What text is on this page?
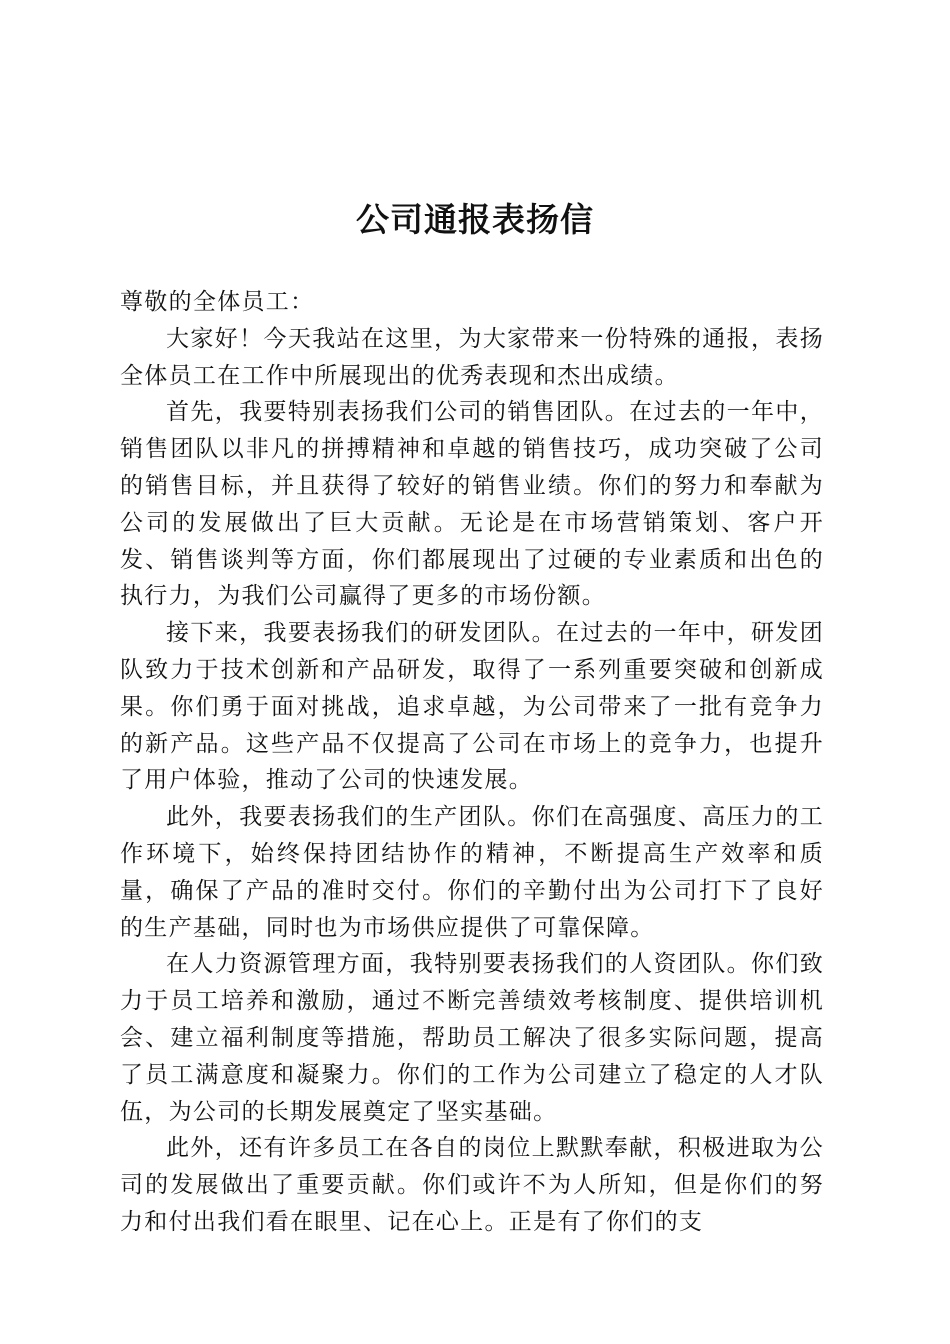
公司通报表扬信

尊敬的全体员工：

大家好！今天我站在这里，为大家带来一份特殊的通报，表扬全体员工在工作中所展现出的优秀表现和杰出成绩。

首先，我要特别表扬我们公司的销售团队。在过去的一年中，销售团队以非凡的拼搏精神和卓越的销售技巧，成功突破了公司的销售目标，并且获得了较好的销售业绩。你们的努力和奉献为公司的发展做出了巨大贡献。无论是在市场营销策划、客户开发、销售谈判等方面，你们都展现出了过硬的专业素质和出色的执行力，为我们公司赢得了更多的市场份额。

接下来，我要表扬我们的研发团队。在过去的一年中，研发团队致力于技术创新和产品研发，取得了一系列重要突破和创新成果。你们勇于面对挑战，追求卓越，为公司带来了一批有竞争力的新产品。这些产品不仅提高了公司在市场上的竞争力，也提升了用户体验，推动了公司的快速发展。

此外，我要表扬我们的生产团队。你们在高强度、高压力的工作环境下，始终保持团结协作的精神，不断提高生产效率和质量，确保了产品的准时交付。你们的辛勤付出为公司打下了良好的生产基础，同时也为市场供应提供了可靠保障。

在人力资源管理方面，我特别要表扬我们的人资团队。你们致力于员工培养和激励，通过不断完善绩效考核制度、提供培训机会、建立福利制度等措施，帮助员工解决了很多实际问题，提高了员工满意度和凝聚力。你们的工作为公司建立了稳定的人才队伍，为公司的长期发展奠定了坚实基础。

此外，还有许多员工在各自的岗位上默默奉献，积极进取为公司的发展做出了重要贡献。你们或许不为人所知，但是你们的努力和付出我们看在眼里、记在心上。正是有了你们的支
